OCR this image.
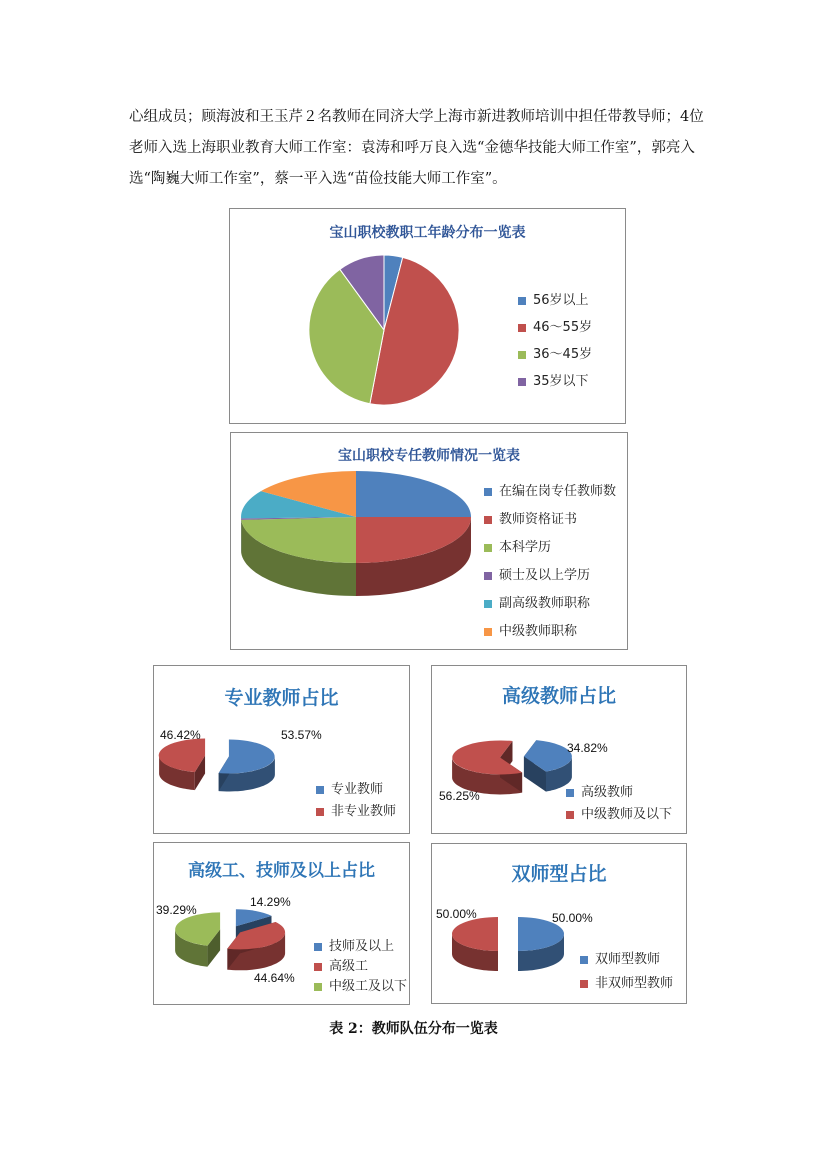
心组成员；顾海波和王玉芹２名教师在同济大学上海市新进教师培训中担任带教导师；4位
老师入选上海职业教育大师工作室：袁涛和呼万良入选“金德华技能大师工作室”，郭亮入
选“陶巍大师工作室”，蔡一平入选“苗俭技能大师工作室”。
宝山职校教职工年龄分布一览表
56岁以上
46～55岁
36～45岁
35岁以下
宝山职校专任教师情况一览表
在编在岗专任教师数
教师资格证书
本科学历
硕士及以上学历
副高级教师职称
中级教师职称
专业教师占比
专业教师
非专业教师
53.57%
46.42%
高级教师占比
高级教师
中级教师及以下
34.82%
56.25%
高级工、技师及以上占比
技师及以上
高级工
中级工及以下
14.29%
39.29%
44.64%
双师型占比
双师型教师
非双师型教师
50.00%
50.00%
表 2：教师队伍分布一览表
